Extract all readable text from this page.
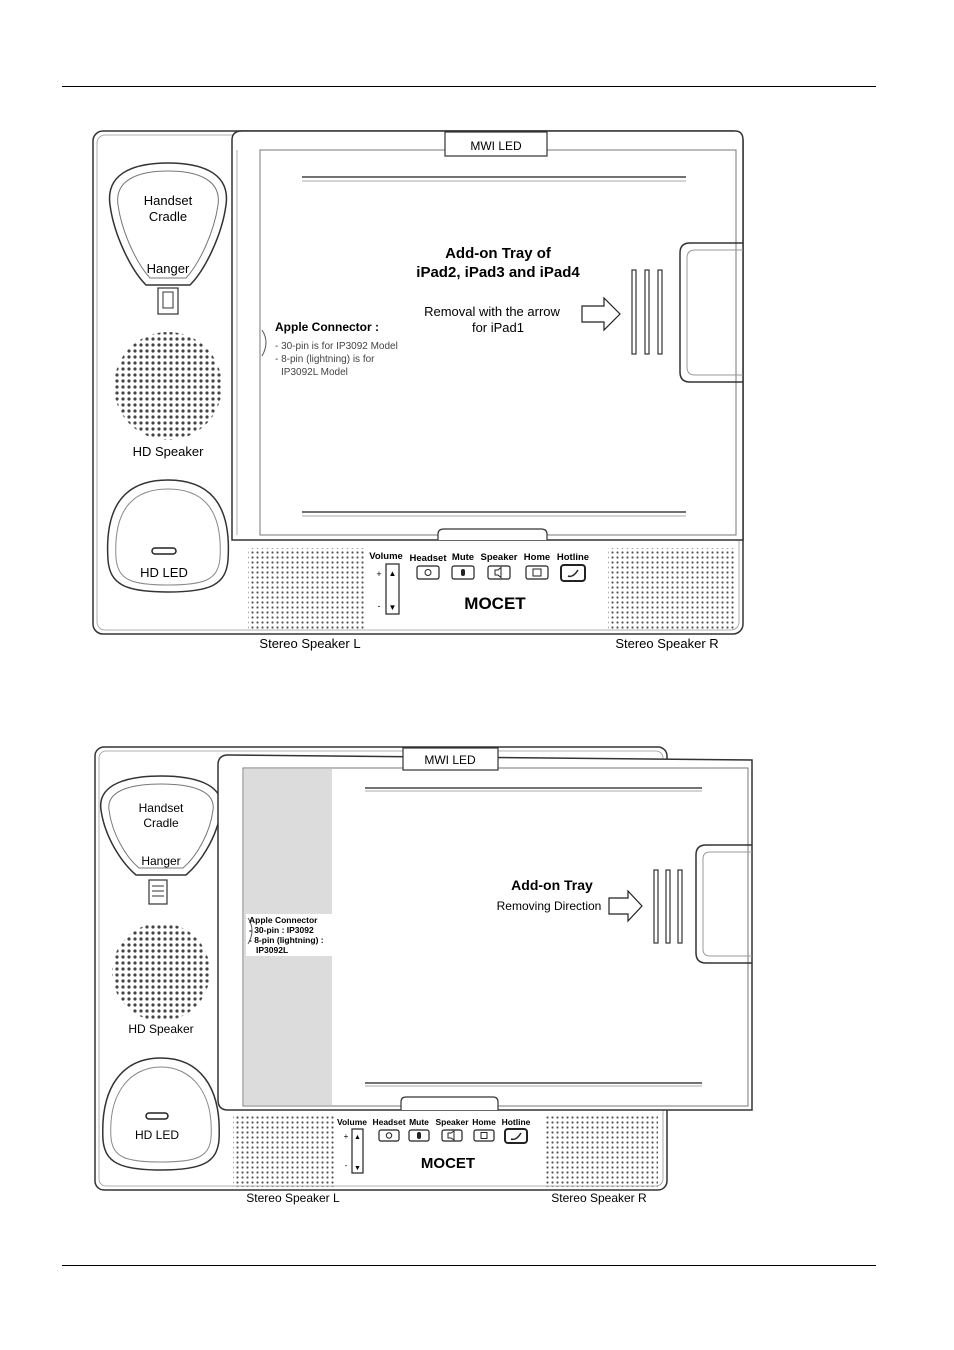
Handset
Cradle
Hanger
HD Speaker
HD LED
MWI LED
Add-on Tray of
iPad2, iPad3 and iPad4
Removal with the arrow
for iPad1
Apple Connector :
- 30-pin is for IP3092 Model
- 8-pin (lightning) is for
IP3092L Model
Volume
▲
▼
+
-
Headset Mute Speaker Home Hotline
MOCET
Stereo Speaker L	Stereo Speaker R
Handset
Cradle
Hanger
HD Speaker
HD LED
MWI LED
Add-on Tray
Removing Direction
Apple Connector
- 30-pin : IP3092
- 8-pin (lightning) :
IP3092L
Volume
▲
▼
+
-
Headset Mute Speaker Home Hotline
MOCET
Stereo Speaker L	Stereo Speaker R
